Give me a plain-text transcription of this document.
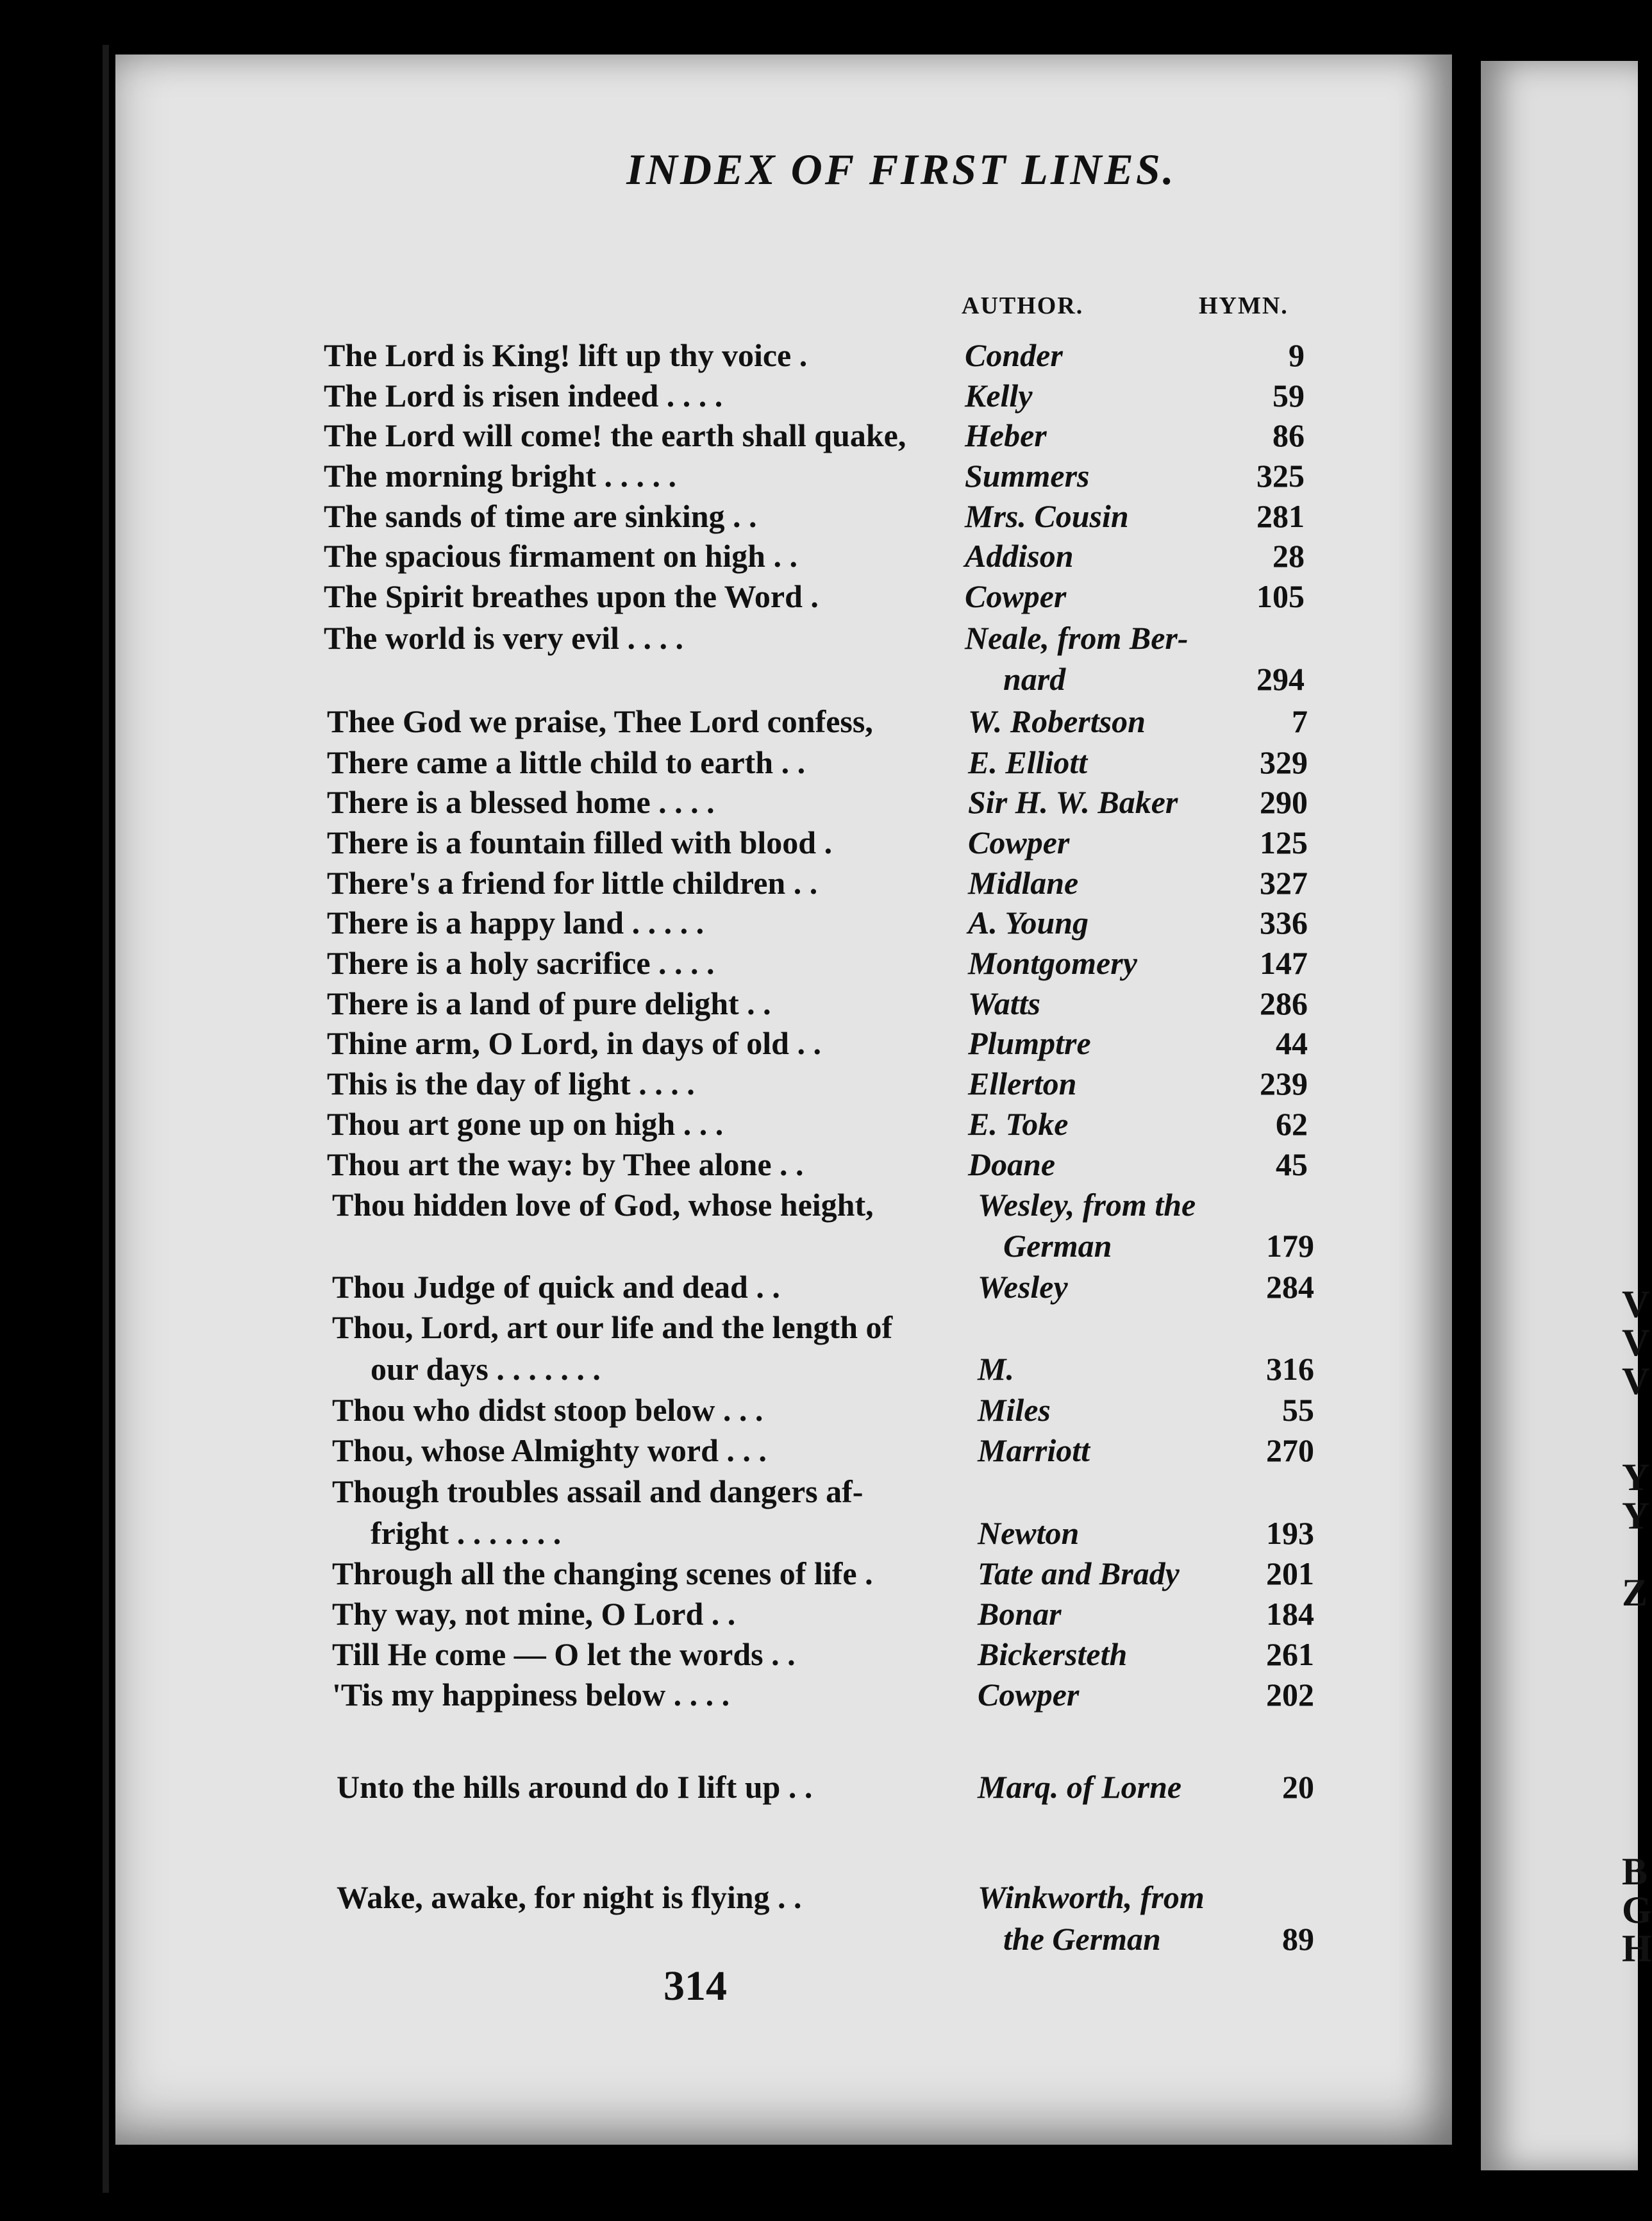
V
V
V
Y
Y
Z
B
G
H
INDEX OF FIRST LINES.
AUTHOR.	HYMN.
The Lord is King! lift up thy voice .	Conder	9
The Lord is risen indeed . . . .	Kelly	59
The Lord will come! the earth shall quake, Heber	86
The morning bright . . . . .	Summers	325
The sands of time are sinking . .	Mrs. Cousin	281
The spacious firmament on high . .	Addison	28
The Spirit breathes upon the Word .	Cowper	105
The world is very evil . . . .	Neale, from Ber-
nard	294
Thee God we praise, Thee Lord confess,	W. Robertson	7
There came a little child to earth . .	E. Elliott	329
There is a blessed home . . . .	Sir H. W. Baker	290
There is a fountain filled with blood .	Cowper	125
There's a friend for little children . .	Midlane	327
There is a happy land . . . . .	A. Young	336
There is a holy sacrifice . . . .	Montgomery	147
There is a land of pure delight . .	Watts	286
Thine arm, O Lord, in days of old . .	Plumptre	44
This is the day of light . . . .	Ellerton	239
Thou art gone up on high . . .	E. Toke	62
Thou art the way: by Thee alone . .	Doane	45
Thou hidden love of God, whose height,	Wesley, from the
German	179
Thou Judge of quick and dead . .	Wesley	284
Thou, Lord, art our life and the length of
our days . . . . . . .	M.	316
Thou who didst stoop below . . .	Miles	55
Thou, whose Almighty word . . .	Marriott	270
Though troubles assail and dangers af-
fright . . . . . . .	Newton	193
Through all the changing scenes of life .	Tate and Brady	201
Thy way, not mine, O Lord . .	Bonar	184
Till He come — O let the words . .	Bickersteth	261
'Tis my happiness below . . . .	Cowper	202
Unto the hills around do I lift up . .	Marq. of Lorne	20
Wake, awake, for night is flying . .	Winkworth, from
the German	89
314
